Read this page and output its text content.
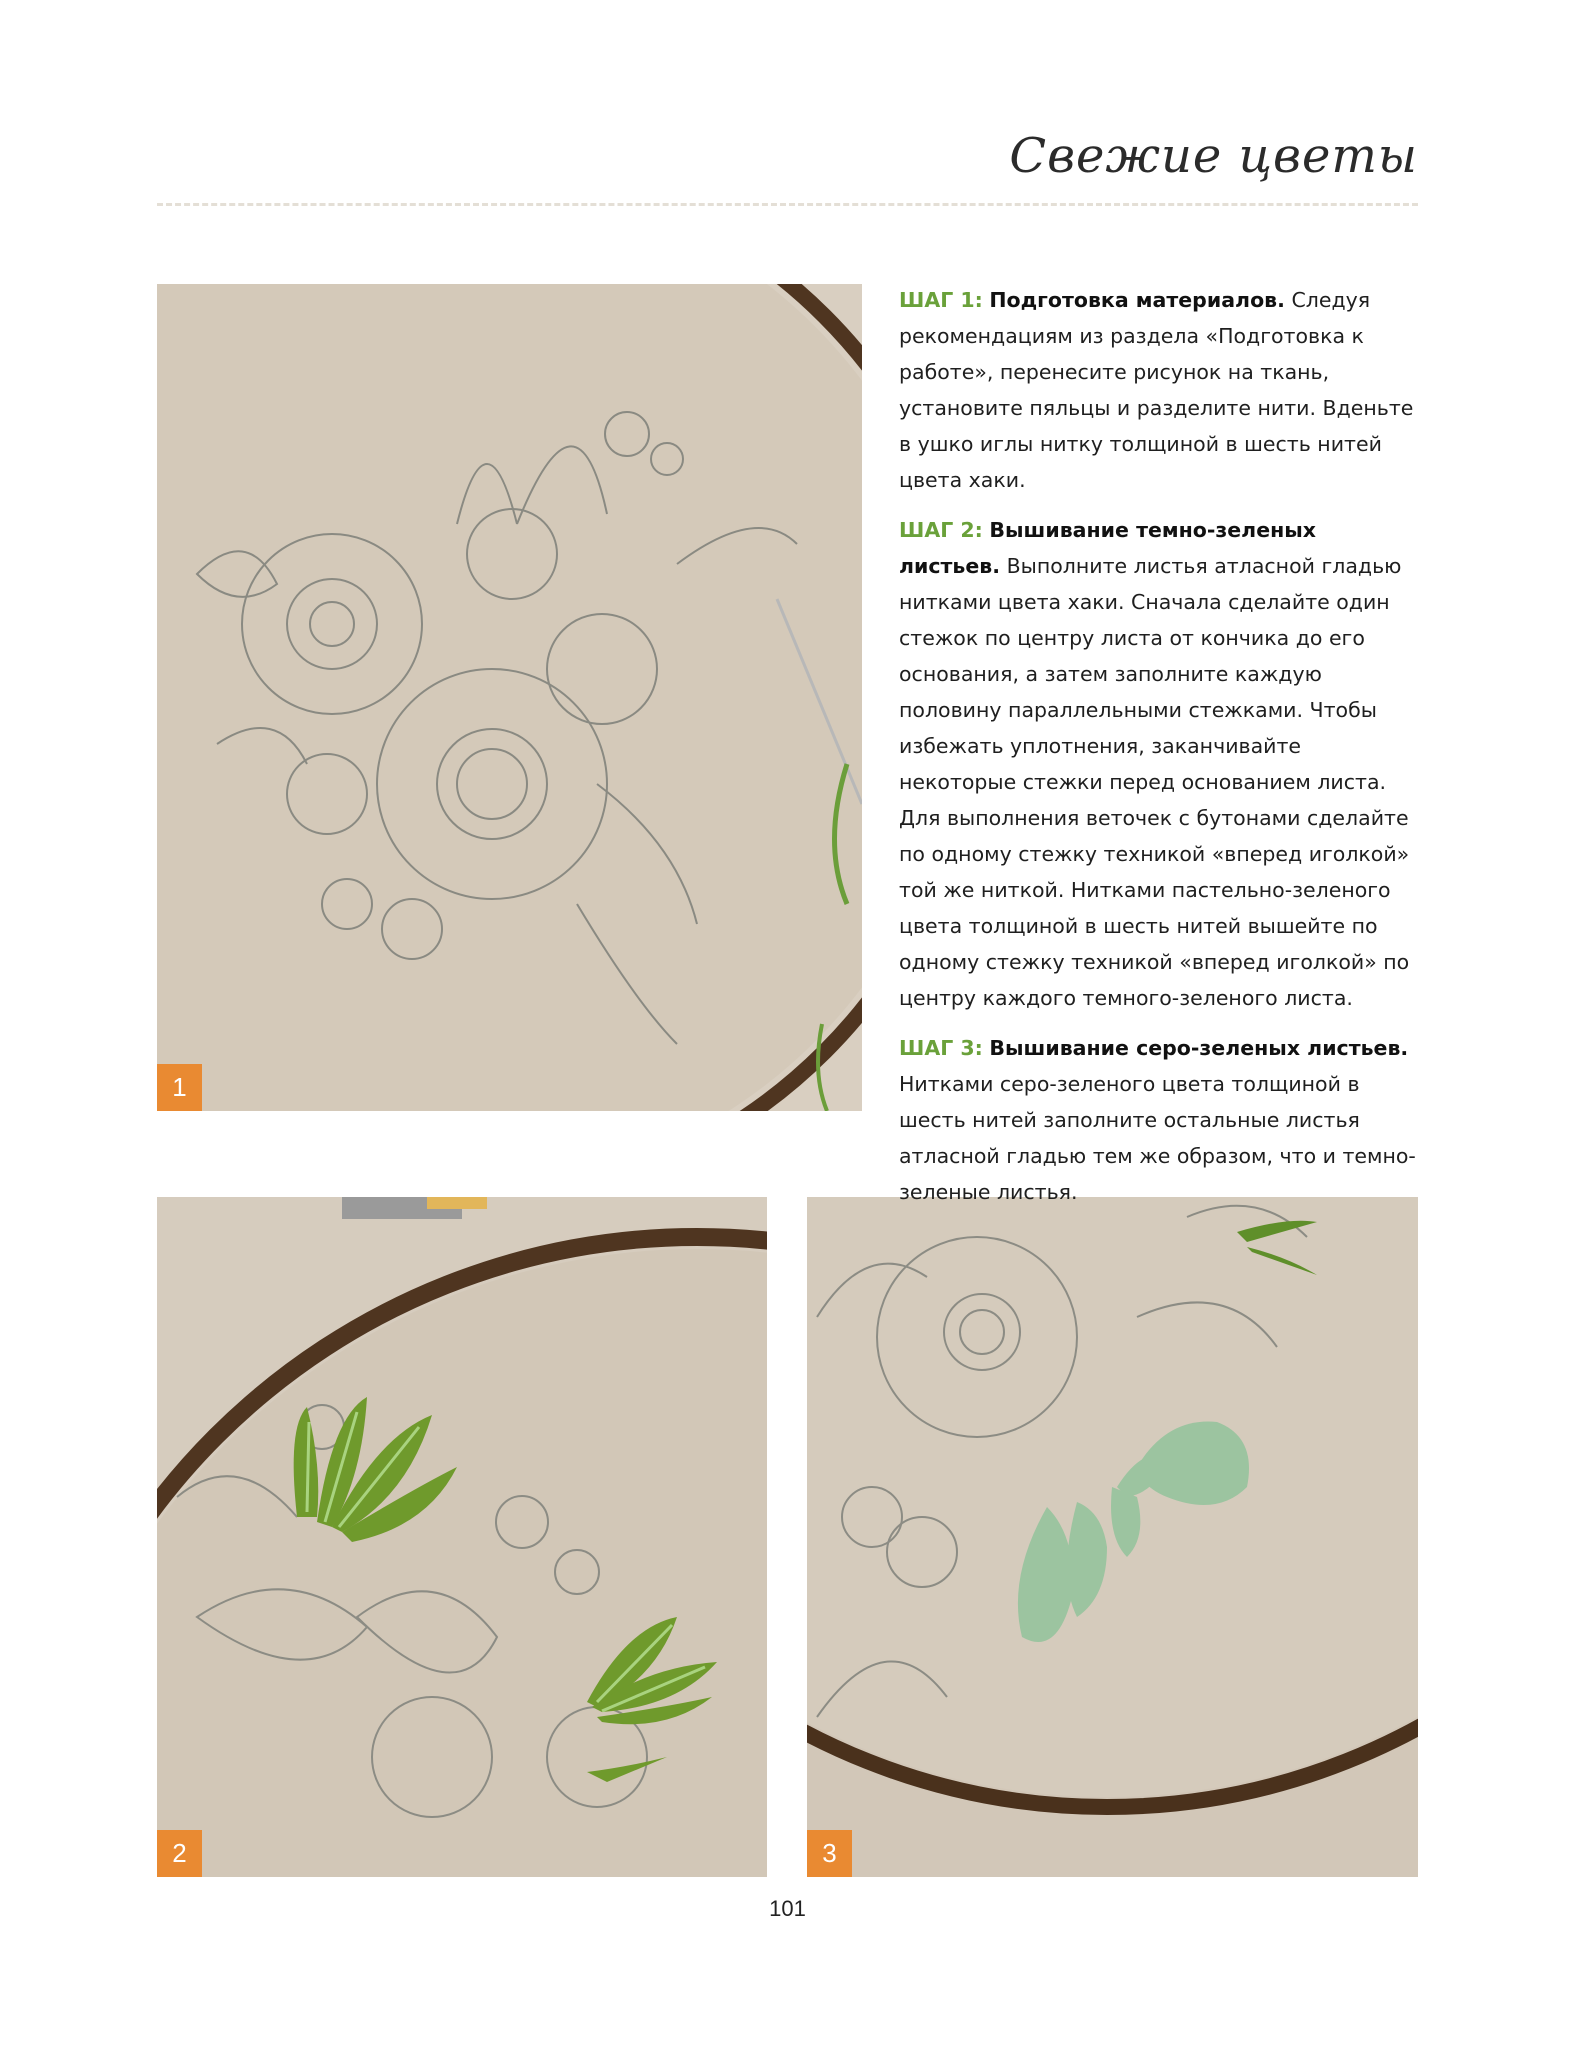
Свежие цветы
1
2	3

ШАГ 1: Подготовка материалов. Следуя рекомендациям из раздела «Подготовка к работе», перенесите рисунок на ткань, установите пяльцы и разделите нити. Вденьте в ушко иглы нитку толщиной в шесть нитей цвета хаки.

ШАГ 2: Вышивание темно-зеленых листьев. Выполните листья атласной гладью нитками цвета хаки. Сначала сделайте один стежок по центру листа от кончика до его основания, а затем заполните каждую половину параллельными стежками. Чтобы избежать уплотнения, заканчивайте некоторые стежки перед основанием листа. Для выполнения веточек с бутонами сделайте по одному стежку техникой «вперед иголкой» той же ниткой. Нитками пастельно-зеленого цвета толщиной в шесть нитей вышейте по одному стежку техникой «вперед иголкой» по центру каждого темного-зеленого листа.

ШАГ 3: Вышивание серо-зеленых листьев. Нитками серо-зеленого цвета толщиной в шесть нитей заполните остальные листья атласной гладью тем же образом, что и темно-зеленые листья.

101
